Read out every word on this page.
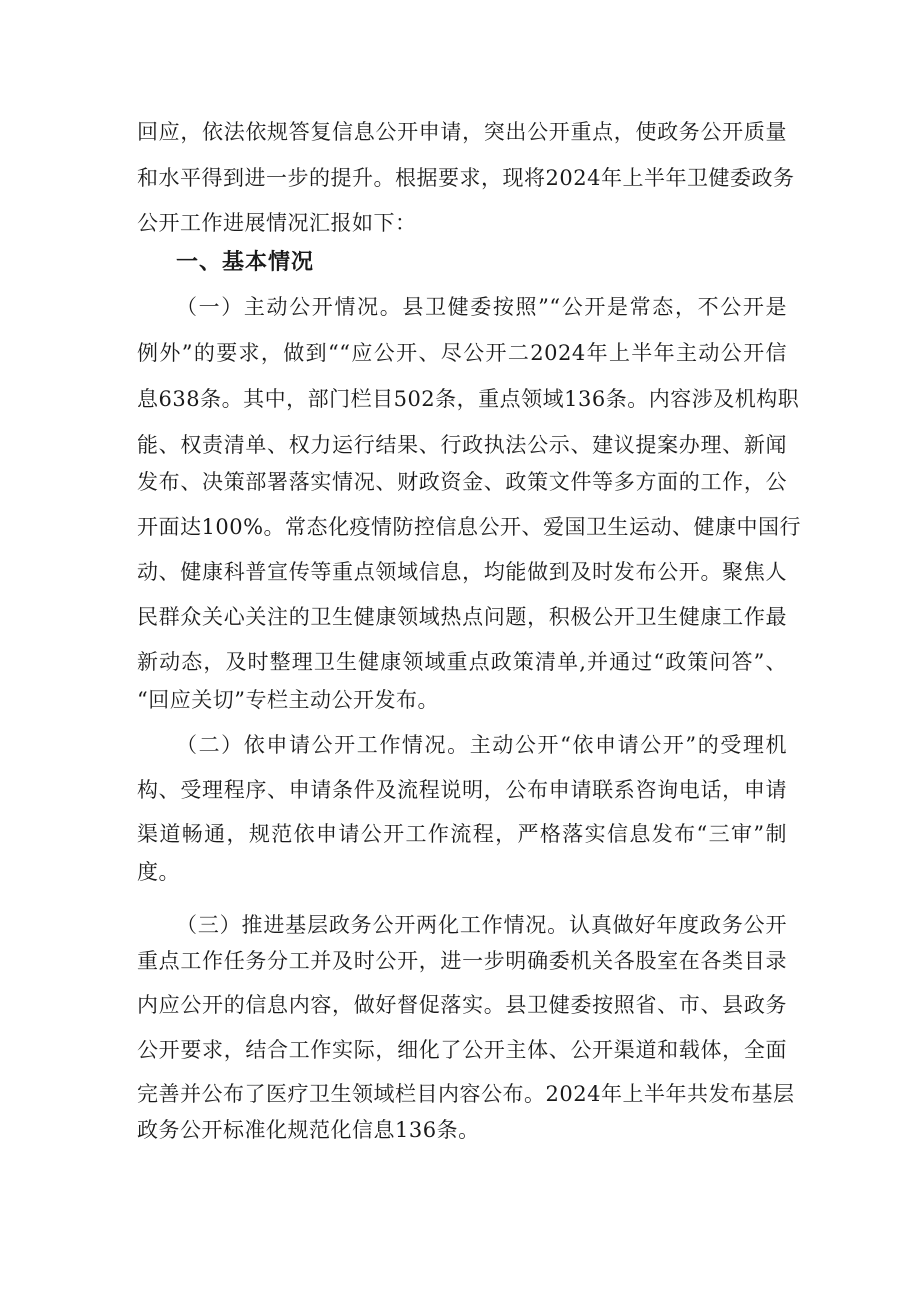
回应，依法依规答复信息公开申请，突出公开重点，使政务公开质量
和水平得到进一步的提升。根据要求，现将2024年上半年卫健委政务
公开工作进展情况汇报如下：
一、基本情况
（一）主动公开情况。县卫健委按照”“公开是常态，不公开是
例外”的要求，做到““应公开、尽公开二2024年上半年主动公开信
息638条。其中，部门栏目502条，重点领域136条。内容涉及机构职
能、权责清单、权力运行结果、行政执法公示、建议提案办理、新闻
发布、决策部署落实情况、财政资金、政策文件等多方面的工作，公
开面达100%。常态化疫情防控信息公开、爱国卫生运动、健康中国行
动、健康科普宣传等重点领域信息，均能做到及时发布公开。聚焦人
民群众关心关注的卫生健康领域热点问题，积极公开卫生健康工作最
新动态，及时整理卫生健康领域重点政策清单,并通过“政策问答”、
“回应关切”专栏主动公开发布。
（二）依申请公开工作情况。主动公开“依申请公开”的受理机
构、受理程序、申请条件及流程说明，公布申请联系咨询电话，申请
渠道畅通，规范依申请公开工作流程，严格落实信息发布“三审”制
度。
（三）推进基层政务公开两化工作情况。认真做好年度政务公开
重点工作任务分工并及时公开，进一步明确委机关各股室在各类目录
内应公开的信息内容，做好督促落实。县卫健委按照省、市、县政务
公开要求，结合工作实际，细化了公开主体、公开渠道和载体，全面
完善并公布了医疗卫生领域栏目内容公布。2024年上半年共发布基层
政务公开标准化规范化信息136条。
